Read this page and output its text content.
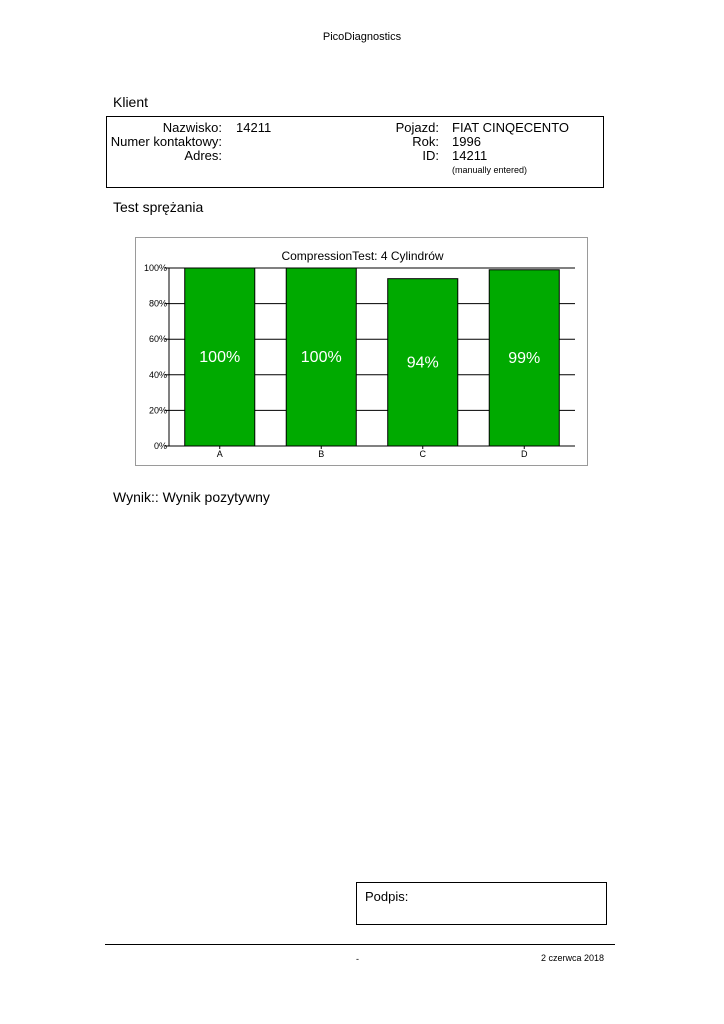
PicoDiagnostics
Klient
Nazwisko: 14211
Numer kontaktowy:
Adres:
Pojazd: FIAT CINQECENTO
Rok: 1996
ID: 14211
(manually entered)
Test sprężania
CompressionTest: 4 Cylindrów
0%
20%
40%
60%
80%
100%
100%
A
100%
B
94%
C
99%
D
Wynik:: Wynik pozytywny
Podpis:
-	2 czerwca 2018
